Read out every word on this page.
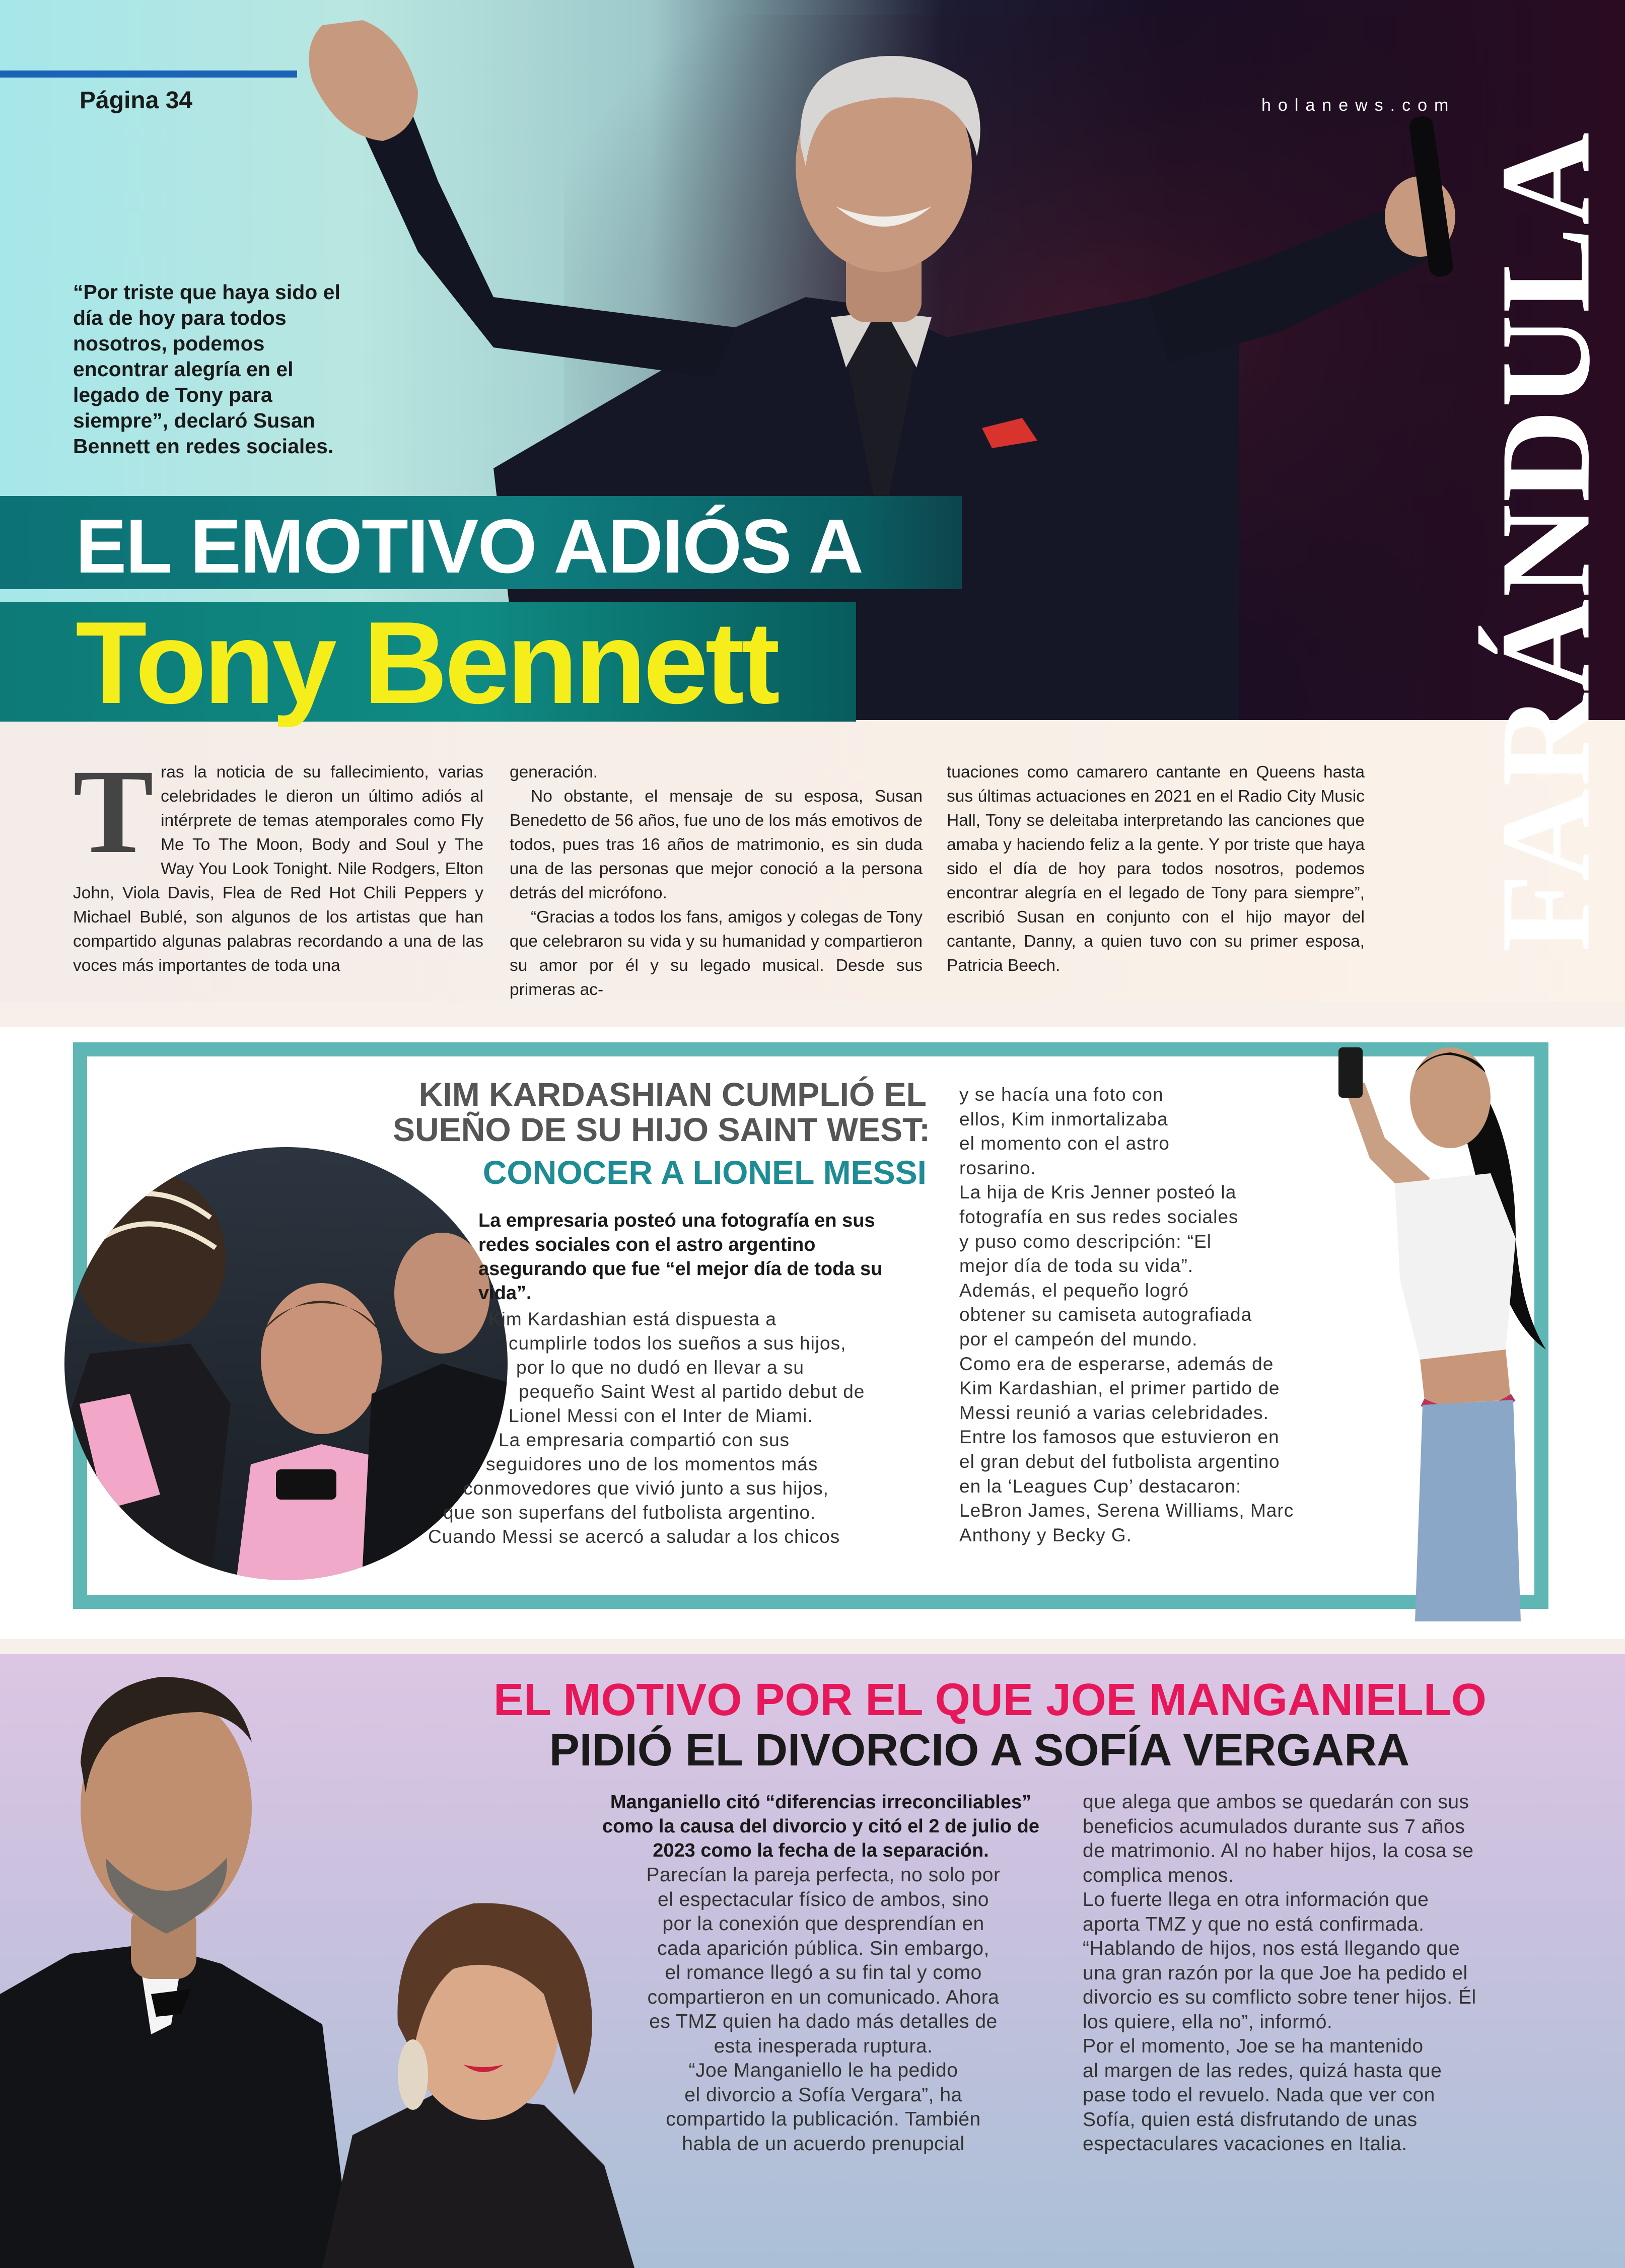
Página 34	holanews.com
“Por triste que haya sido el día de hoy para todos nosotros, podemos encontrar alegría en el legado de Tony para siempre”, declaró Susan Bennett en redes sociales.
EL EMOTIVO ADIÓS A
Tony Bennett	FARÁNDULA
T ras la noticia de su fallecimiento, varias celebridades le dieron un último adiós al intérprete de temas atemporales como Fly Me To The Moon, Body and Soul y The Way You Look Tonight. Nile Rodgers, Elton John, Viola Davis, Flea de Red Hot Chili Peppers y Michael Bublé, son algunos de los artistas que han compartido algunas palabras recordando a una de las voces más importantes de toda una

generación.

No obstante, el mensaje de su esposa, Susan Benedetto de 56 años, fue uno de los más emotivos de todos, pues tras 16 años de matrimonio, es sin duda una de las personas que mejor conoció a la persona detrás del micrófono.

“Gracias a todos los fans, amigos y colegas de Tony que celebraron su vida y su humanidad y compartieron su amor por él y su legado musical. Desde sus primeras ac-

tuaciones como camarero cantante en Queens hasta sus últimas actuaciones en 2021 en el Radio City Music Hall, Tony se deleitaba interpretando las canciones que amaba y haciendo feliz a la gente. Y por triste que haya sido el día de hoy para todos nosotros, podemos encontrar alegría en el legado de Tony para siempre”, escribió Susan en conjunto con el hijo mayor del cantante, Danny, a quien tuvo con su primer esposa, Patricia Beech.

KIM KARDASHIAN CUMPLIÓ EL
SUEÑO DE SU HIJO SAINT WEST:
CONOCER A LIONEL MESSI
La empresaria posteó una fotografía en sus redes sociales con el astro argentino asegurando que fue “el mejor día de toda su vida”.
Kim Kardashian está dispuesta a
cumplirle todos los sueños a sus hijos,
por lo que no dudó en llevar a su
pequeño Saint West al partido debut de
Lionel Messi con el Inter de Miami.
La empresaria compartió con sus
seguidores uno de los momentos más
conmovedores que vivió junto a sus hijos,
que son superfans del futbolista argentino.
Cuando Messi se acercó a saludar a los chicos
y se hacía una foto con
ellos, Kim inmortalizaba
el momento con el astro
rosarino.
La hija de Kris Jenner posteó la
fotografía en sus redes sociales
y puso como descripción: “El
mejor día de toda su vida”.
Además, el pequeño logró
obtener su camiseta autografiada
por el campeón del mundo.
Como era de esperarse, además de
Kim Kardashian, el primer partido de
Messi reunió a varias celebridades.
Entre los famosos que estuvieron en
el gran debut del futbolista argentino
en la ‘Leagues Cup’ destacaron:
LeBron James, Serena Williams, Marc
Anthony y Becky G.
EL MOTIVO POR EL QUE JOE MANGANIELLO
PIDIÓ EL DIVORCIO A SOFÍA VERGARA
Manganiello citó “diferencias irreconciliables” como la causa del divorcio y citó el 2 de julio de 2023 como la fecha de la separación.
Parecían la pareja perfecta, no solo por
el espectacular físico de ambos, sino
por la conexión que desprendían en
cada aparición pública. Sin embargo,
el romance llegó a su fin tal y como
compartieron en un comunicado. Ahora
es TMZ quien ha dado más detalles de
esta inesperada ruptura.
“Joe Manganiello le ha pedido
el divorcio a Sofía Vergara”, ha
compartido la publicación. También
habla de un acuerdo prenupcial
que alega que ambos se quedarán con sus
beneficios acumulados durante sus 7 años
de matrimonio. Al no haber hijos, la cosa se
complica menos.
Lo fuerte llega en otra información que
aporta TMZ y que no está confirmada.
“Hablando de hijos, nos está llegando que
una gran razón por la que Joe ha pedido el
divorcio es su comflicto sobre tener hijos. Él
los quiere, ella no”, informó.
Por el momento, Joe se ha mantenido
al margen de las redes, quizá hasta que
pase todo el revuelo. Nada que ver con
Sofía, quien está disfrutando de unas
espectaculares vacaciones en Italia.
